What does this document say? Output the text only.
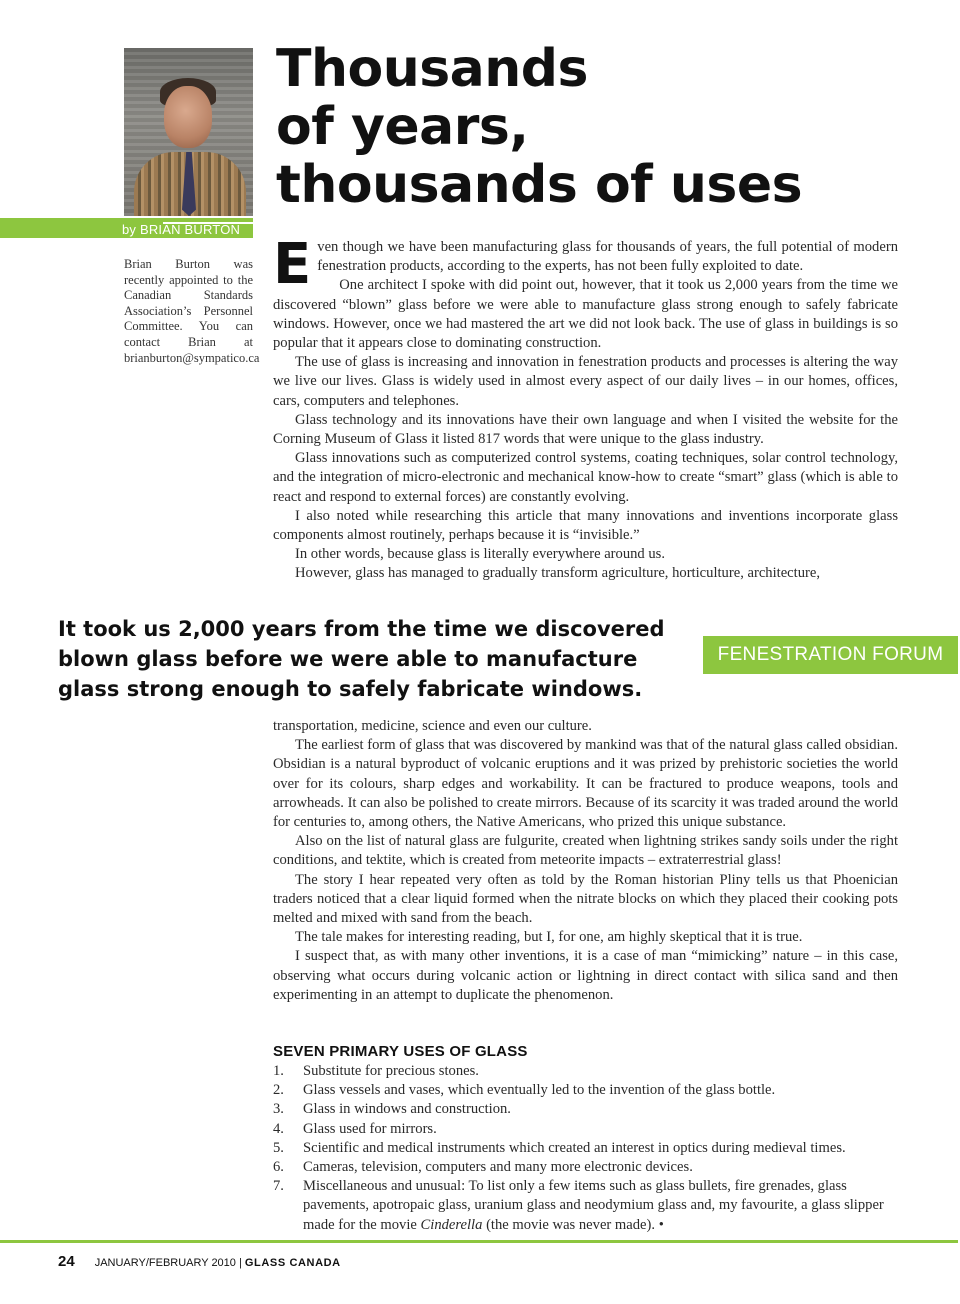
by BRIAN BURTON
Brian Burton was recently appointed to the Canadian Standards Association’s Personnel Committee. You can contact Brian at brianburton@sympatico.ca
Thousands
of years,
thousands of uses

Even though we have been manufacturing glass for thousands of years, the full potential of modern fenestration products, according to the experts, has not been fully exploited to date.

One architect I spoke with did point out, however, that it took us 2,000 years from the time we discovered “blown” glass before we were able to manufacture glass strong enough to safely fabricate windows. However, once we had mastered the art we did not look back. The use of glass in buildings is so popular that it appears close to dominating construction.

The use of glass is increasing and innovation in fenestration products and processes is altering the way we live our lives. Glass is widely used in almost every aspect of our daily lives – in our homes, offices, cars, computers and telephones.

Glass technology and its innovations have their own language and when I visited the website for the Corning Museum of Glass it listed 817 words that were unique to the glass industry.

Glass innovations such as computerized control systems, coating techniques, solar control technology, and the integration of micro-electronic and mechanical know-how to create “smart” glass (which is able to react and respond to external forces) are constantly evolving.

I also noted while researching this article that many innovations and inventions incorporate glass components almost routinely, perhaps because it is “invisible.”

In other words, because glass is literally everywhere around us.

However, glass has managed to gradually transform agriculture, horticulture, architecture,

It took us 2,000 years from the time we discovered
blown glass before we were able to manufacture
glass strong enough to safely fabricate windows.
FENESTRATION FORUM

transportation, medicine, science and even our culture.

The earliest form of glass that was discovered by mankind was that of the natural glass called obsidian. Obsidian is a natural byproduct of volcanic eruptions and it was prized by prehistoric societies the world over for its colours, sharp edges and workability. It can be fractured to produce weapons, tools and arrowheads. It can also be polished to create mirrors. Because of its scarcity it was traded around the world for centuries to, among others, the Native Americans, who prized this unique substance.

Also on the list of natural glass are fulgurite, created when lightning strikes sandy soils under the right conditions, and tektite, which is created from meteorite impacts – extraterrestrial glass!

The story I hear repeated very often as told by the Roman historian Pliny tells us that Phoenician traders noticed that a clear liquid formed when the nitrate blocks on which they placed their cooking pots melted and mixed with sand from the beach.

The tale makes for interesting reading, but I, for one, am highly skeptical that it is true.

I suspect that, as with many other inventions, it is a case of man “mimicking” nature – in this case, observing what occurs during volcanic action or lightning in direct contact with silica sand and then experimenting in an attempt to duplicate the phenomenon.

SEVEN PRIMARY USES OF GLASS
1.	Substitute for precious stones.
2.	Glass vessels and vases, which eventually led to the invention of the glass bottle.
3.	Glass in windows and construction.
4.	Glass used for mirrors.
5.	Scientific and medical instruments which created an interest in optics during medieval times.
6.	Cameras, television, computers and many more electronic devices.
7.	Miscellaneous and unusual: To list only a few items such as glass bullets, fire grenades, glass pavements, apotropaic glass, uranium glass and neodymium glass and, my favourite, a glass slipper made for the movie Cinderella (the movie was never made). •
24 JANUARY/FEBRUARY 2010 | GLASS CANADA
